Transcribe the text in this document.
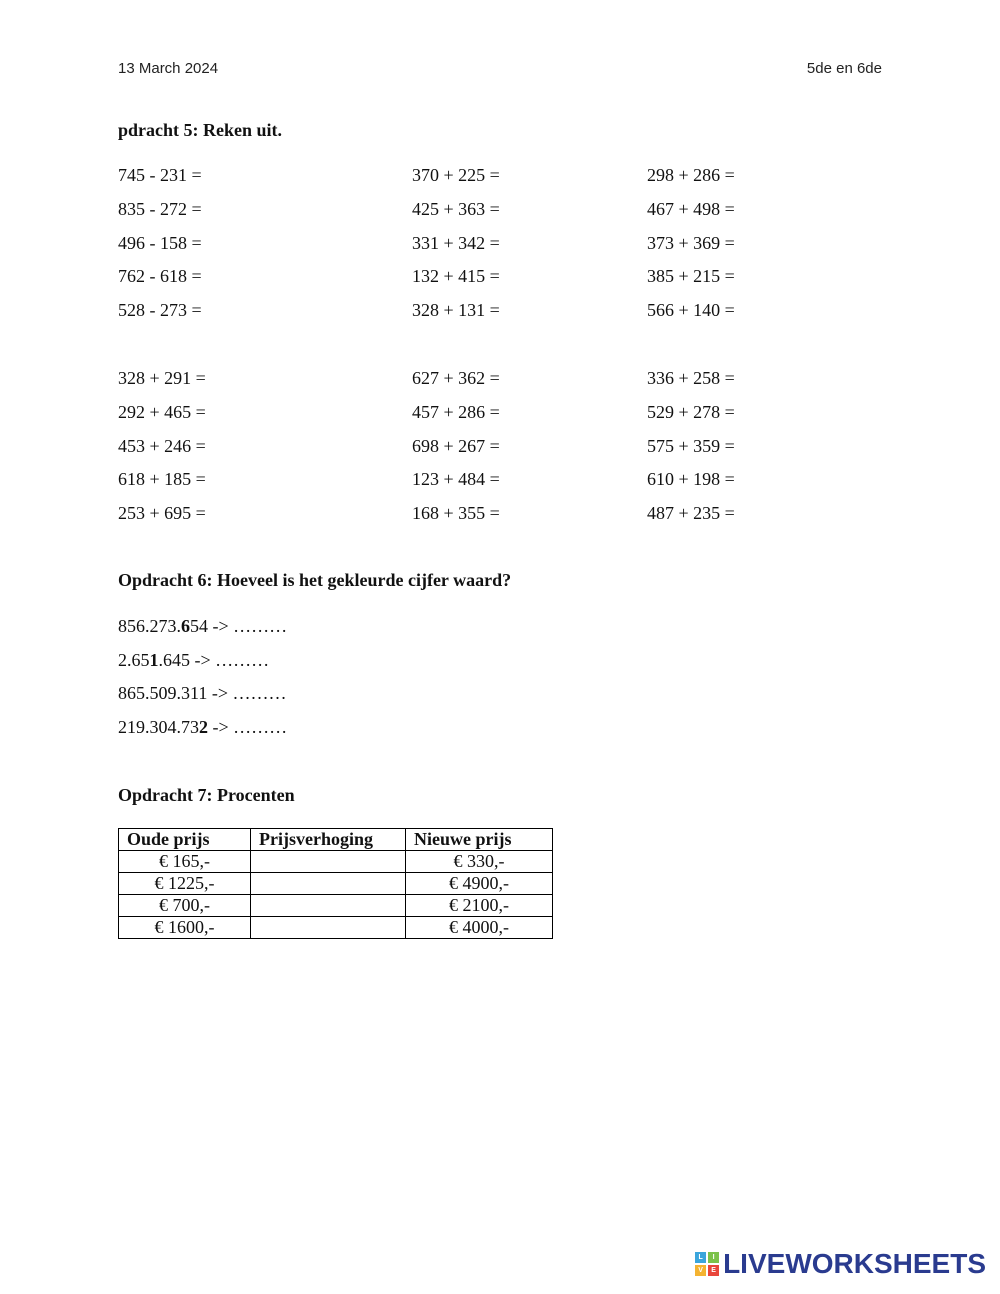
13 March 2024	5de en 6de
pdracht 5: Reken uit.
745 - 231 =	370 + 225 =	298 + 286 =
835 - 272 =	425 + 363 =	467 + 498 =
496 - 158 =	331 + 342 =	373 + 369 =
762 - 618 =	132 + 415 =	385 + 215 =
528 - 273 =	328 + 131 =	566 + 140 =
328 + 291 =	627 + 362 =	336 + 258 =
292 + 465 =	457 + 286 =	529 + 278 =
453 + 246 =	698 + 267 =	575 + 359 =
618 + 185 =	123 + 484 =	610 + 198 =
253 + 695 =	168 + 355 =	487 + 235 =
Opdracht 6: Hoeveel is het gekleurde cijfer waard?
856.273.654 -> ………
2.651.645 -> ………
865.509.311 -> ………
219.304.732 -> ………
Opdracht 7: Procenten
Oude prijs	Prijsverhoging	Nieuwe prijs
€ 165,-		€ 330,-
€ 1225,-		€ 4900,-
€ 700,-		€ 2100,-
€ 1600,-		€ 4000,-
L	I
V	E LIVEWORKSHEETS
